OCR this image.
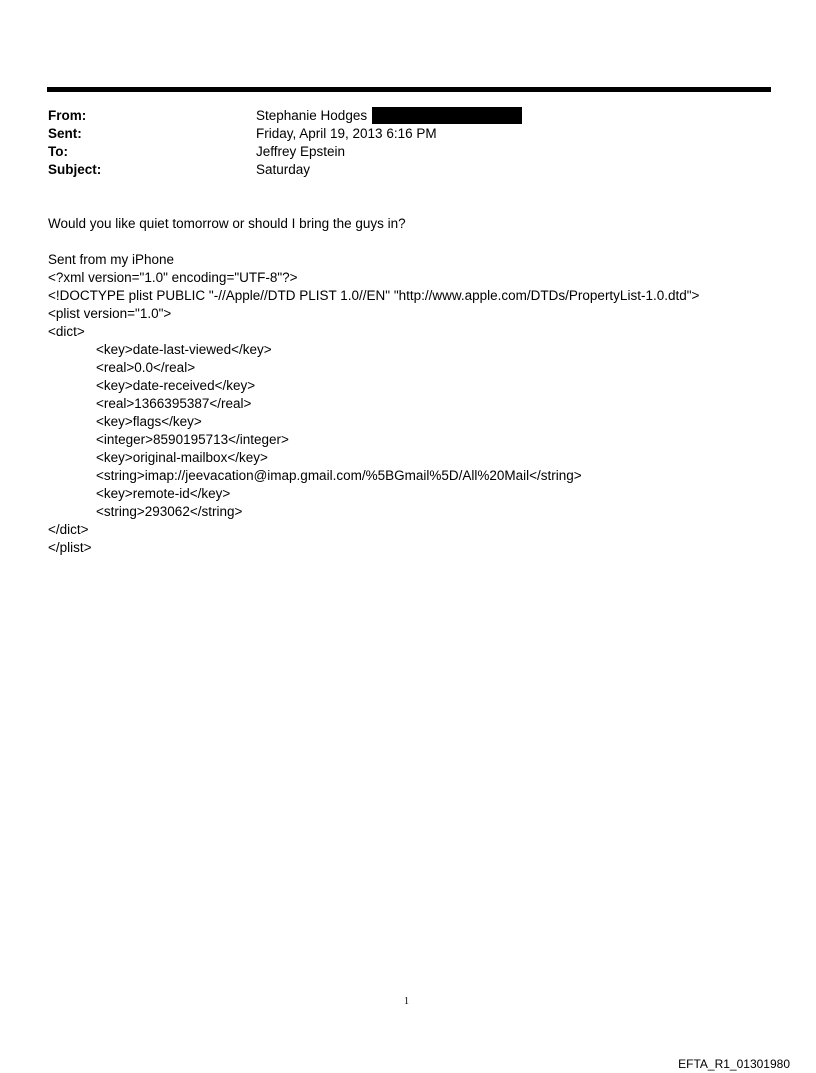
From:	Stephanie Hodges
Sent:	Friday, April 19, 2013 6:16 PM
To:	Jeffrey Epstein
Subject:	Saturday
Would you like quiet tomorrow or should I bring the guys in?
Sent from my iPhone
<?xml version="1.0" encoding="UTF-8"?>
<!DOCTYPE plist PUBLIC "-//Apple//DTD PLIST 1.0//EN" "http://www.apple.com/DTDs/PropertyList-1.0.dtd">
<plist version="1.0">
<dict>
<key>date-last-viewed</key>
<real>0.0</real>
<key>date-received</key>
<real>1366395387</real>
<key>flags</key>
<integer>8590195713</integer>
<key>original-mailbox</key>
<string>imap://jeevacation@imap.gmail.com/%5BGmail%5D/All%20Mail</string>
<key>remote-id</key>
<string>293062</string>
</dict>
</plist>
1
EFTA_R1_01301980
